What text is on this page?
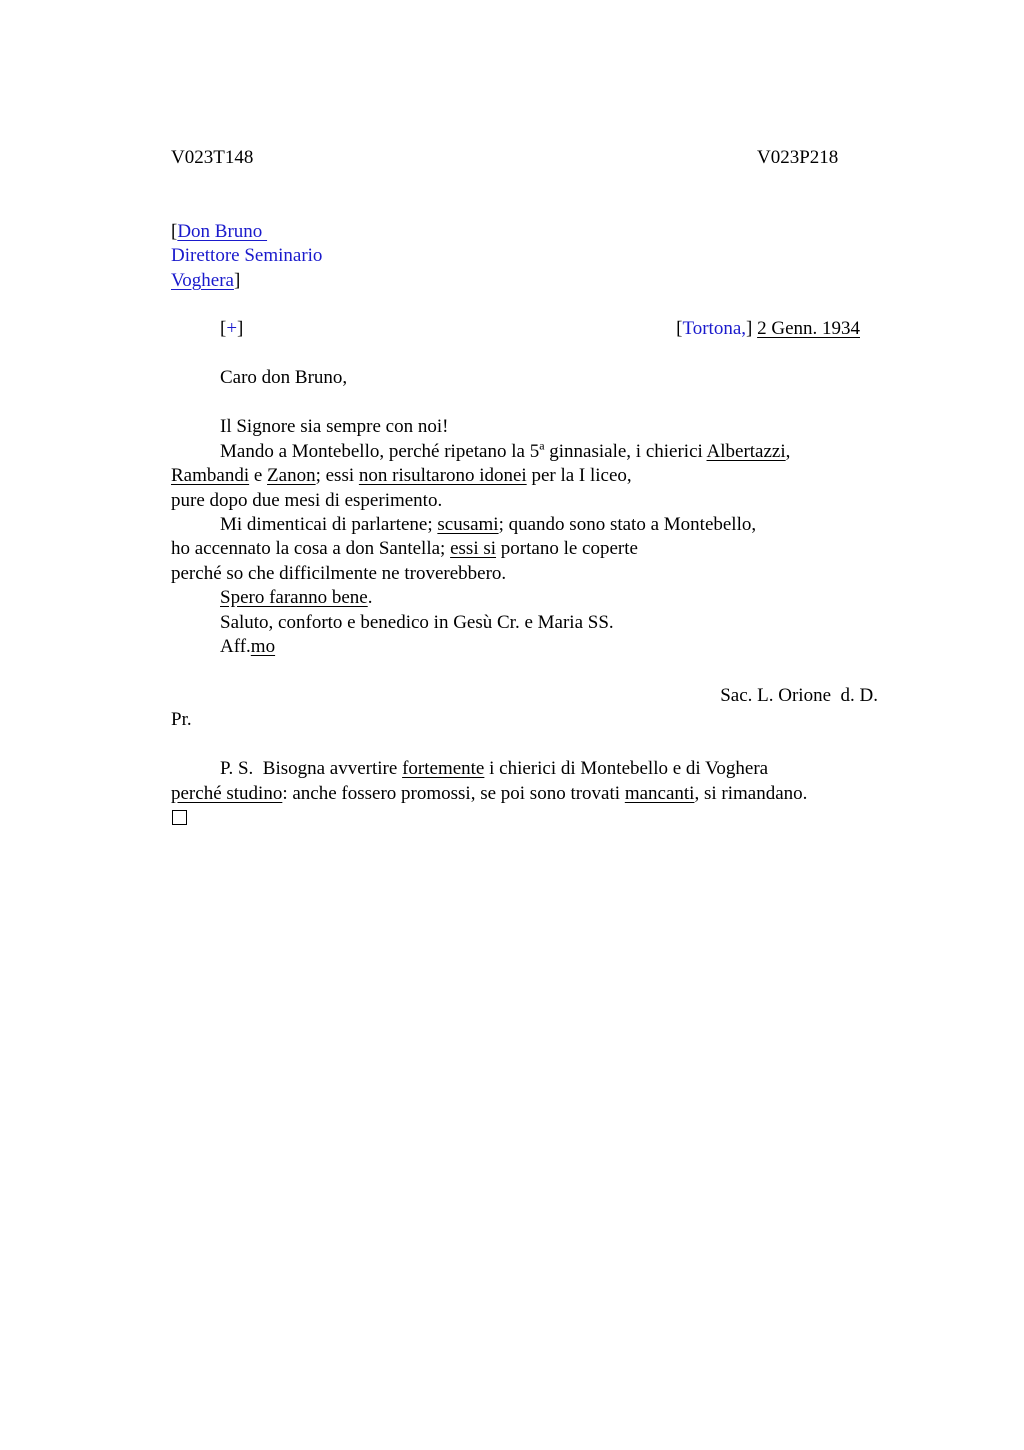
V023T148	V023P218
[Don Bruno
Direttore Seminario
Voghera]
[+]	[Tortona,] 2 Genn. 1934
Caro don Bruno,
Il Signore sia sempre con noi!
Mando a Montebello, perché ripetano la 5$^a$ ginnasiale, i chierici Albertazzi,
Rambandi e Zanon; essi non risultarono idonei per la I liceo,
pure dopo due mesi di esperimento.
Mi dimenticai di parlartene; scusami; quando sono stato a Montebello,
ho accennato la cosa a don Santella; essi si portano le coperte
perché so che difficilmente ne troverebbero.
Spero faranno bene.
Saluto, conforto e benedico in Gesù Cr. e Maria SS.
Aff.mo
Sac. L. Orione  d. D.
Pr.
P. S.  Bisogna avvertire fortemente i chierici di Montebello e di Voghera
perché studino: anche fossero promossi, se poi sono trovati mancanti, si rimandano.
